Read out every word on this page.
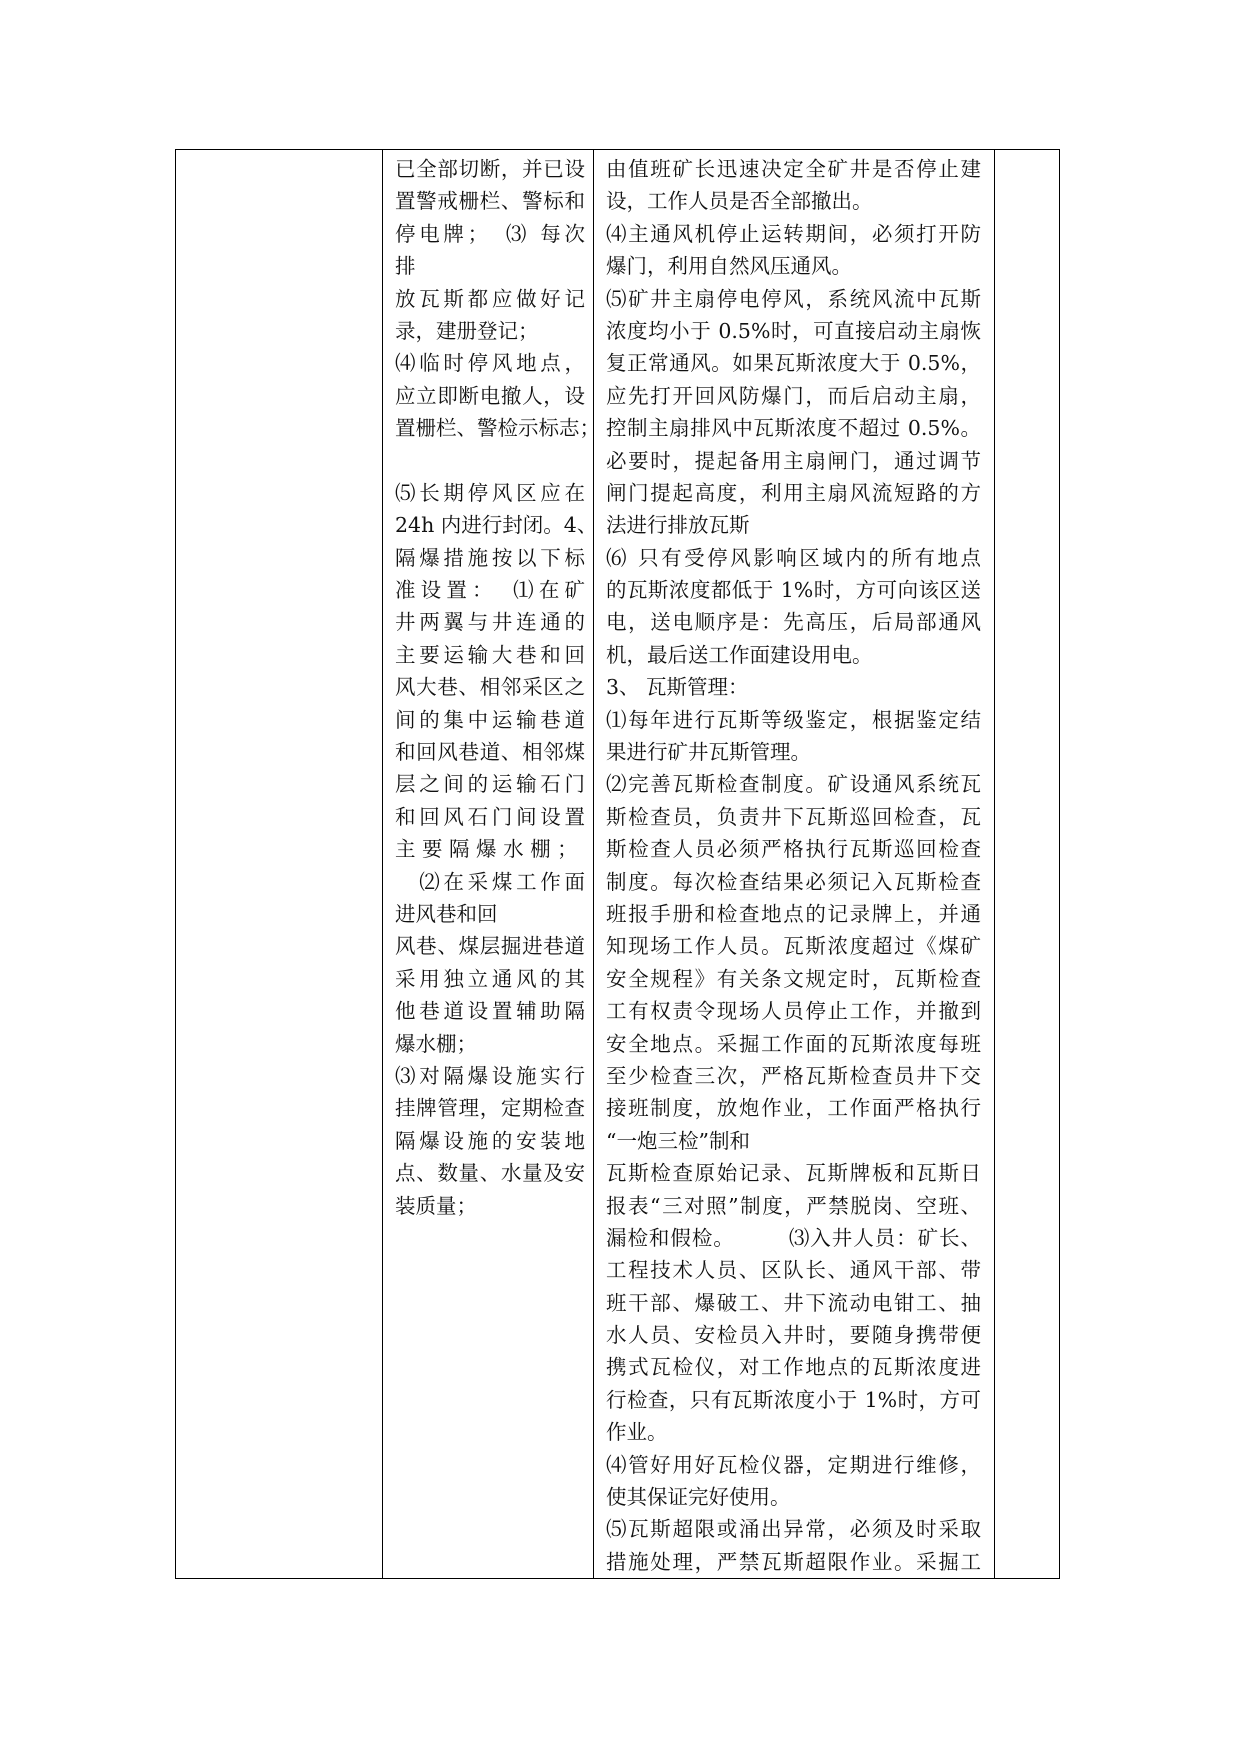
已全部切断，并已设
置警戒栅栏、警标和
停电牌；　⑶ 每次
排
放瓦斯都应做好记
录，建册登记；
⑷临时停风地点，
应立即断电撤人，设
置栅栏、警检示标志；
⑸长期停风区应在
24h 内进行封闭。4、
隔爆措施按以下标
准设置：　⑴在矿
井两翼与井连通的
主要运输大巷和回
风大巷、相邻采区之
间的集中运输巷道
和回风巷道、相邻煤
层之间的运输石门
和回风石门间设置
主 要 隔 爆 水 棚 ；
　⑵在采煤工作面
进风巷和回
风巷、煤层掘进巷道
采用独立通风的其
他巷道设置辅助隔
爆水棚；
⑶对隔爆设施实行
挂牌管理，定期检查
隔爆设施的安装地
点、数量、水量及安
装质量；

由值班矿长迅速决定全矿井是否停止建
设，工作人员是否全部撤出。
⑷主通风机停止运转期间，必须打开防
爆门，利用自然风压通风。
⑸矿井主扇停电停风，系统风流中瓦斯
浓度均小于 0.5%时，可直接启动主扇恢
复正常通风。如果瓦斯浓度大于 0.5%，
应先打开回风防爆门，而后启动主扇，
控制主扇排风中瓦斯浓度不超过 0.5%。
必要时，提起备用主扇闸门，通过调节
闸门提起高度，利用主扇风流短路的方
法进行排放瓦斯
⑹ 只有受停风影响区域内的所有地点
的瓦斯浓度都低于 1%时，方可向该区送
电，送电顺序是：先高压，后局部通风
机，最后送工作面建设用电。
3、 瓦斯管理：
⑴每年进行瓦斯等级鉴定，根据鉴定结
果进行矿井瓦斯管理。
⑵完善瓦斯检查制度。矿设通风系统瓦
斯检查员，负责井下瓦斯巡回检查，瓦
斯检查人员必须严格执行瓦斯巡回检查
制度。每次检查结果必须记入瓦斯检查
班报手册和检查地点的记录牌上，并通
知现场工作人员。瓦斯浓度超过《煤矿
安全规程》有关条文规定时，瓦斯检查
工有权责令现场人员停止工作，并撤到
安全地点。采掘工作面的瓦斯浓度每班
至少检查三次，严格瓦斯检查员井下交
接班制度，放炮作业，工作面严格执行
“一炮三检”制和
瓦斯检查原始记录、瓦斯牌板和瓦斯日
报表“三对照”制度，严禁脱岗、空班、
漏检和假检。　　　⑶入井人员：矿长、
工程技术人员、区队长、通风干部、带
班干部、爆破工、井下流动电钳工、抽
水人员、安检员入井时，要随身携带便
携式瓦检仪，对工作地点的瓦斯浓度进
行检查，只有瓦斯浓度小于 1%时，方可
作业。
⑷管好用好瓦检仪器，定期进行维修，
使其保证完好使用。
⑸瓦斯超限或涌出异常，必须及时采取
措施处理，严禁瓦斯超限作业。采掘工
